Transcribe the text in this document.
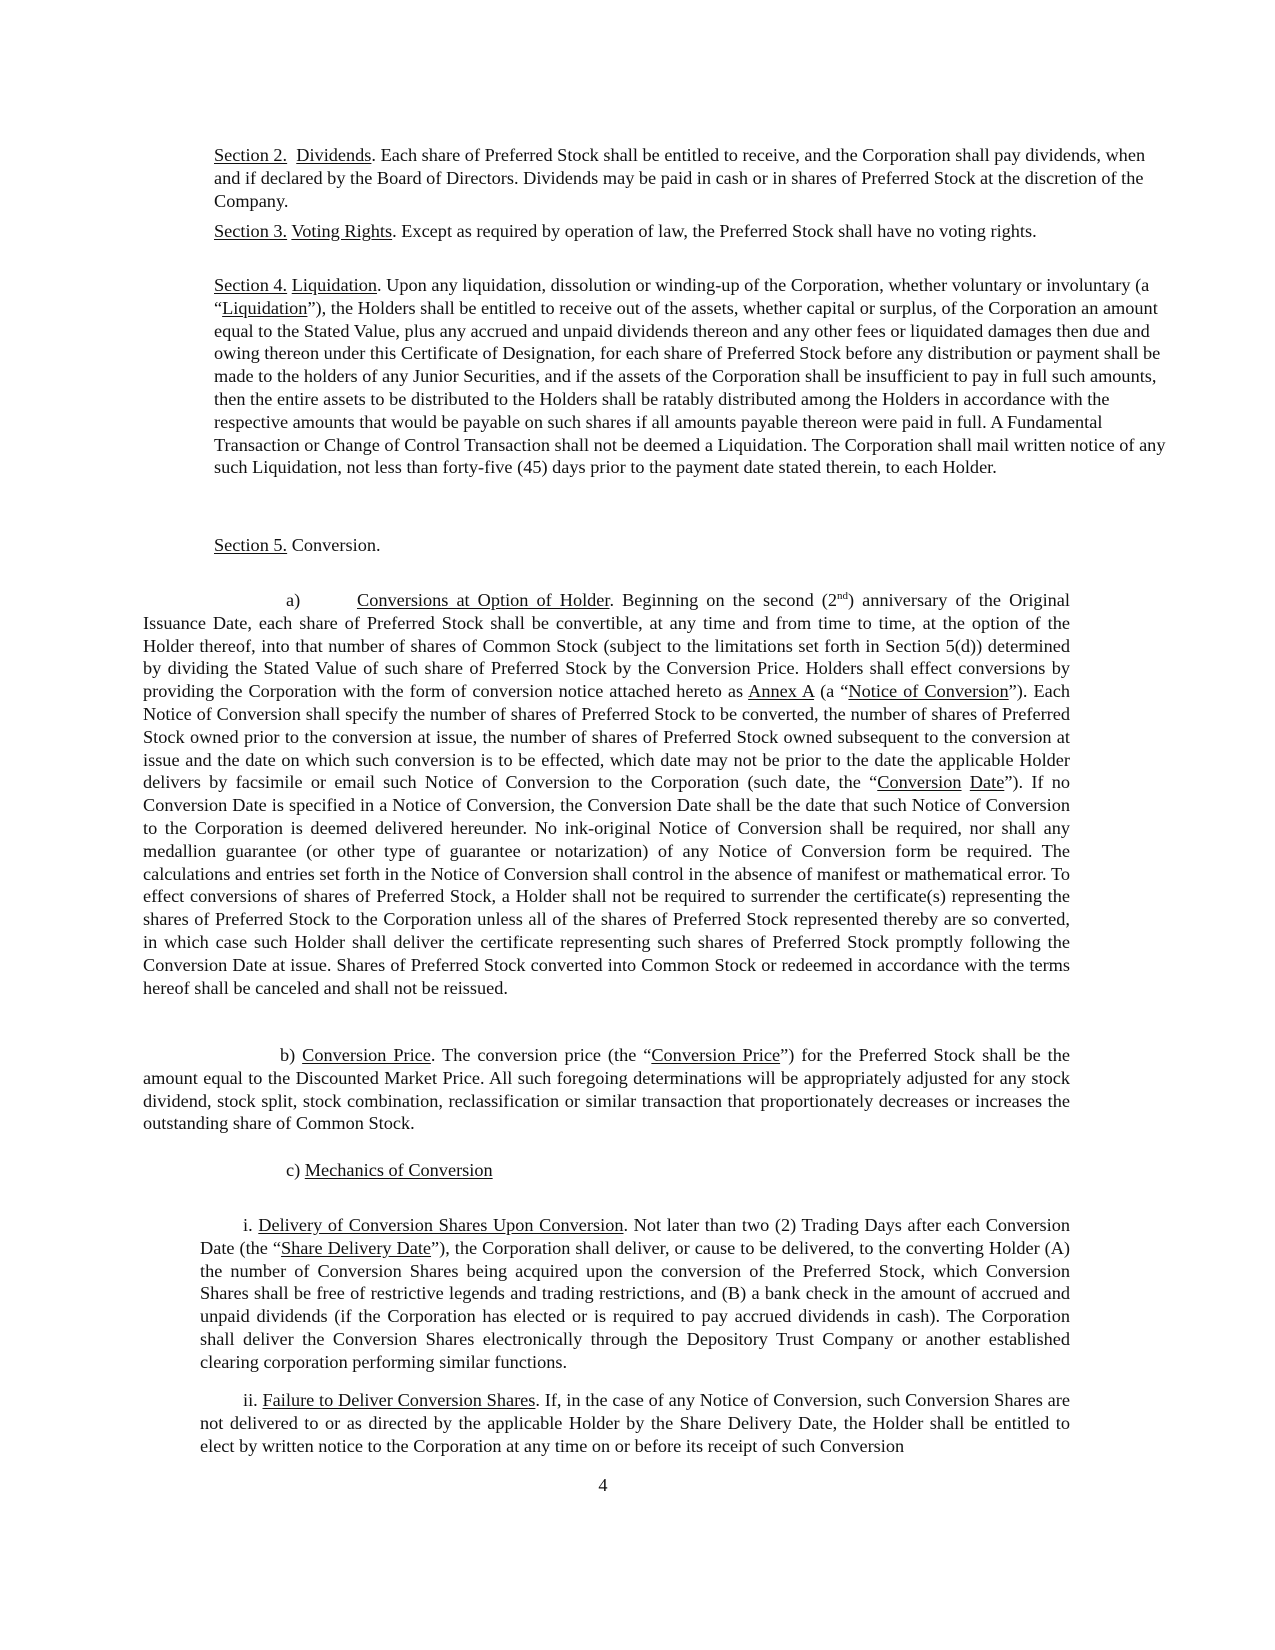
Section 2. Dividends. Each share of Preferred Stock shall be entitled to receive, and the Corporation shall pay dividends, when and if declared by the Board of Directors. Dividends may be paid in cash or in shares of Preferred Stock at the discretion of the Company.
Section 3. Voting Rights. Except as required by operation of law, the Preferred Stock shall have no voting rights.
Section 4. Liquidation. Upon any liquidation, dissolution or winding-up of the Corporation, whether voluntary or involuntary (a “Liquidation”), the Holders shall be entitled to receive out of the assets, whether capital or surplus, of the Corporation an amount equal to the Stated Value, plus any accrued and unpaid dividends thereon and any other fees or liquidated damages then due and owing thereon under this Certificate of Designation, for each share of Preferred Stock before any distribution or payment shall be made to the holders of any Junior Securities, and if the assets of the Corporation shall be insufficient to pay in full such amounts, then the entire assets to be distributed to the Holders shall be ratably distributed among the Holders in accordance with the respective amounts that would be payable on such shares if all amounts payable thereon were paid in full. A Fundamental Transaction or Change of Control Transaction shall not be deemed a Liquidation. The Corporation shall mail written notice of any such Liquidation, not less than forty-five (45) days prior to the payment date stated therein, to each Holder.
Section 5. Conversion.
a)	Conversions at Option of Holder. Beginning on the second (2nd) anniversary of the Original Issuance Date, each share of Preferred Stock shall be convertible, at any time and from time to time, at the option of the Holder thereof, into that number of shares of Common Stock (subject to the limitations set forth in Section 5(d)) determined by dividing the Stated Value of such share of Preferred Stock by the Conversion Price. Holders shall effect conversions by providing the Corporation with the form of conversion notice attached hereto as Annex A (a “Notice of Conversion”). Each Notice of Conversion shall specify the number of shares of Preferred Stock to be converted, the number of shares of Preferred Stock owned prior to the conversion at issue, the number of shares of Preferred Stock owned subsequent to the conversion at issue and the date on which such conversion is to be effected, which date may not be prior to the date the applicable Holder delivers by facsimile or email such Notice of Conversion to the Corporation (such date, the “Conversion Date”). If no Conversion Date is specified in a Notice of Conversion, the Conversion Date shall be the date that such Notice of Conversion to the Corporation is deemed delivered hereunder. No ink-original Notice of Conversion shall be required, nor shall any medallion guarantee (or other type of guarantee or notarization) of any Notice of Conversion form be required. The calculations and entries set forth in the Notice of Conversion shall control in the absence of manifest or mathematical error. To effect conversions of shares of Preferred Stock, a Holder shall not be required to surrender the certificate(s) representing the shares of Preferred Stock to the Corporation unless all of the shares of Preferred Stock represented thereby are so converted, in which case such Holder shall deliver the certificate representing such shares of Preferred Stock promptly following the Conversion Date at issue. Shares of Preferred Stock converted into Common Stock or redeemed in accordance with the terms hereof shall be canceled and shall not be reissued.
b) Conversion Price. The conversion price (the “Conversion Price”) for the Preferred Stock shall be the amount equal to the Discounted Market Price. All such foregoing determinations will be appropriately adjusted for any stock dividend, stock split, stock combination, reclassification or similar transaction that proportionately decreases or increases the outstanding share of Common Stock.
c) Mechanics of Conversion
i. Delivery of Conversion Shares Upon Conversion. Not later than two (2) Trading Days after each Conversion Date (the “Share Delivery Date”), the Corporation shall deliver, or cause to be delivered, to the converting Holder (A) the number of Conversion Shares being acquired upon the conversion of the Preferred Stock, which Conversion Shares shall be free of restrictive legends and trading restrictions, and (B) a bank check in the amount of accrued and unpaid dividends (if the Corporation has elected or is required to pay accrued dividends in cash). The Corporation shall deliver the Conversion Shares electronically through the Depository Trust Company or another established clearing corporation performing similar functions.
ii. Failure to Deliver Conversion Shares. If, in the case of any Notice of Conversion, such Conversion Shares are not delivered to or as directed by the applicable Holder by the Share Delivery Date, the Holder shall be entitled to elect by written notice to the Corporation at any time on or before its receipt of such Conversion
4
